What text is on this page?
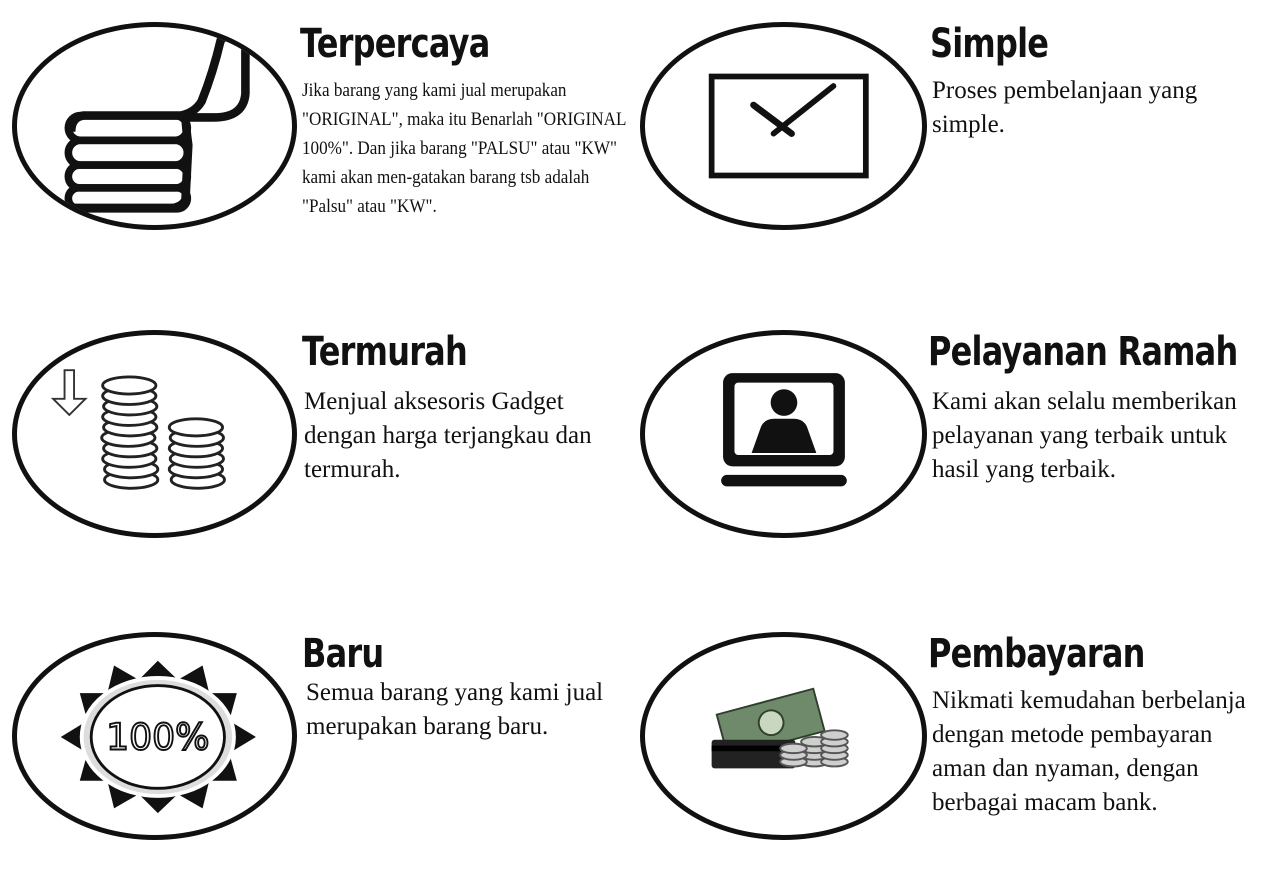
Terpercaya

Jika barang yang kami jual merupakan "ORIGINAL", maka itu Benarlah "ORIGINAL 100%". Dan jika barang "PALSU" atau "KW" kami akan men-gatakan barang tsb adalah "Palsu" atau "KW".

Simple

Proses pembelanjaan yang simple.

Termurah

Menjual aksesoris Gadget dengan harga terjangkau dan termurah.

Pelayanan Ramah

Kami akan selalu memberikan pelayanan yang terbaik untuk hasil yang terbaik.

100%
Baru

Semua barang yang kami jual merupakan barang baru.

Pembayaran

Nikmati kemudahan berbelanja dengan metode pembayaran aman dan nyaman, dengan berbagai macam bank.
